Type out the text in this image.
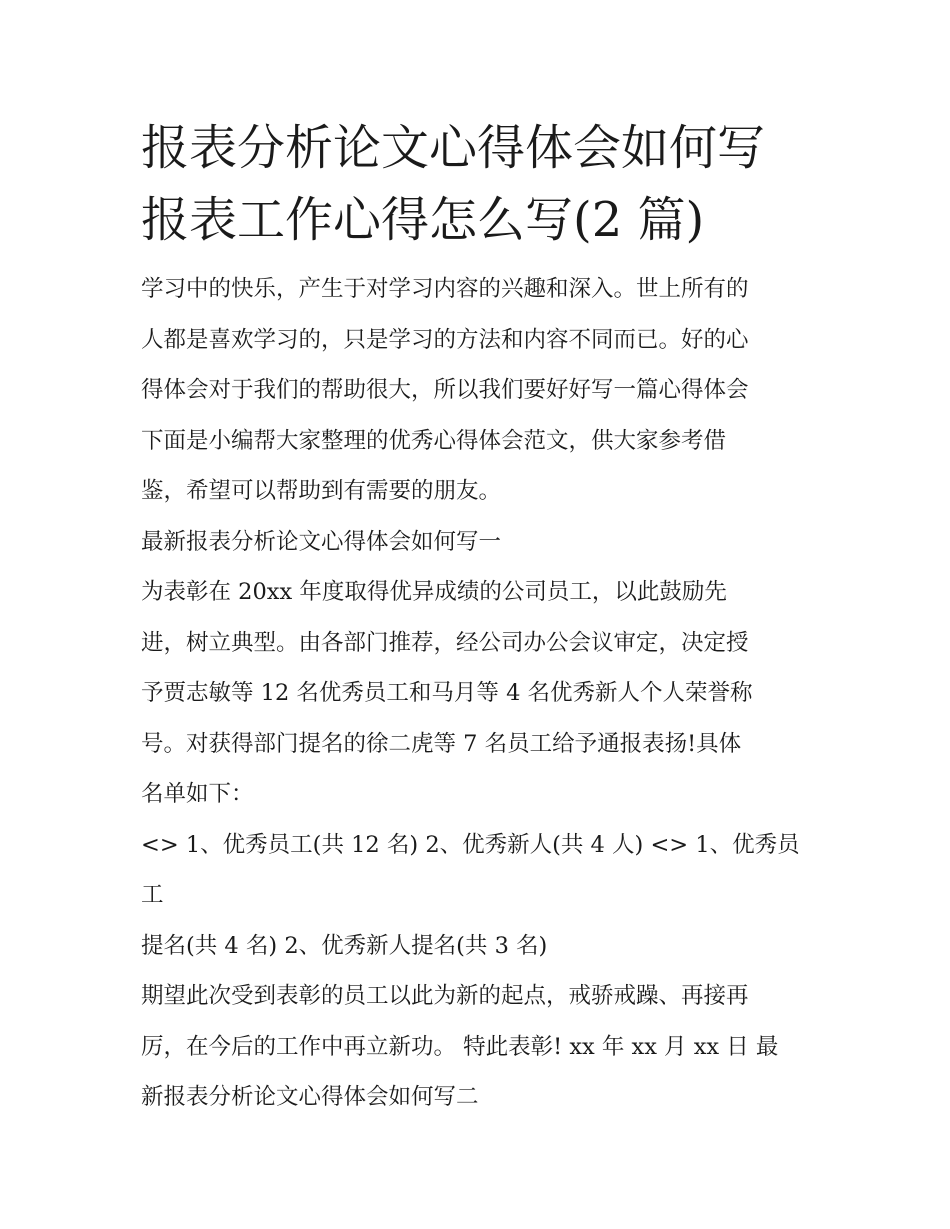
报表分析论文心得体会如何写
报表工作心得怎么写(2 篇)

学习中的快乐，产生于对学习内容的兴趣和深入。世上所有的
人都是喜欢学习的，只是学习的方法和内容不同而已。好的心
得体会对于我们的帮助很大，所以我们要好好写一篇心得体会
下面是小编帮大家整理的优秀心得体会范文，供大家参考借
鉴，希望可以帮助到有需要的朋友。

最新报表分析论文心得体会如何写一

为表彰在 20xx 年度取得优异成绩的公司员工，以此鼓励先
进，树立典型。由各部门推荐，经公司办公会议审定，决定授
予贾志敏等 12 名优秀员工和马月等 4 名优秀新人个人荣誉称
号。对获得部门提名的徐二虎等 7 名员工给予通报表扬!具体
名单如下：

<> 1、优秀员工(共 12 名) 2、优秀新人(共 4 人) <> 1、优秀员工
提名(共 4 名) 2、优秀新人提名(共 3 名)

期望此次受到表彰的员工以此为新的起点，戒骄戒躁、再接再
厉，在今后的工作中再立新功。 特此表彰! xx 年 xx 月 xx 日 最
新报表分析论文心得体会如何写二
